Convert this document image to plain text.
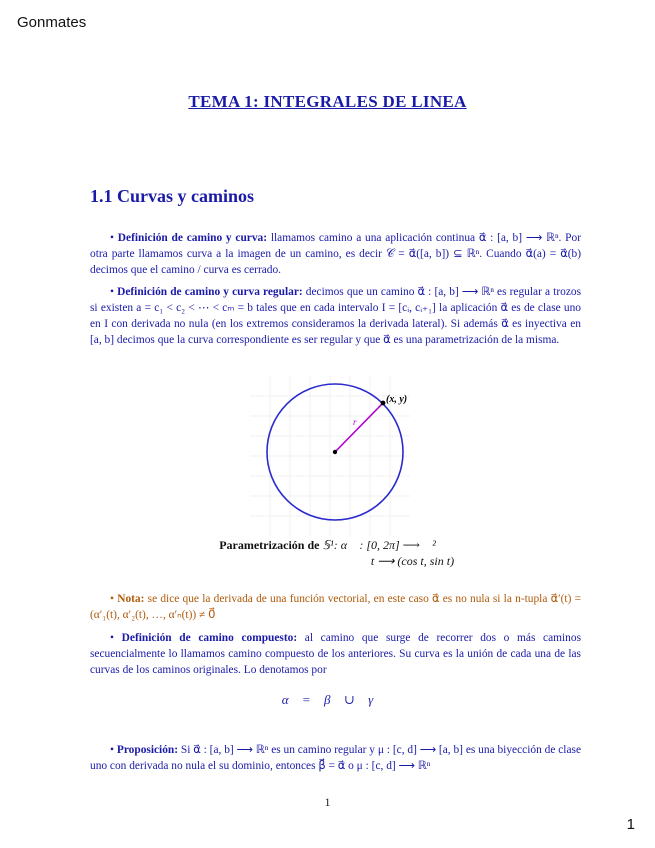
Gonmates
TEMA 1: INTEGRALES DE LINEA
1.1 Curvas y caminos
• Definición de camino y curva: llamamos camino a una aplicación continua α⃗ : [a, b] ⟶ ℝⁿ. Por otra parte llamamos curva a la imagen de un camino, es decir 𝒞 = α⃗([a, b]) ⊆ ℝⁿ. Cuando α⃗(a) = α⃗(b) decimos que el camino / curva es cerrado.
• Definición de camino y curva regular: decimos que un camino α⃗ : [a, b] ⟶ ℝⁿ es regular a trozos si existen a = c₁ < c₂ < ⋯ < cₘ = b tales que en cada intervalo I = [cᵢ, cᵢ₊₁] la aplicación α⃗ es de clase uno en I con derivada no nula (en los extremos consideramos la derivada lateral). Si además α⃗ es inyectiva en [a, b] decimos que la curva correspondiente es ser regular y que α⃗ es una parametrización de la misma.
(x, y)
r
Parametrización de 𝕊¹: α⃗ : [0, 2π] ⟶ ℝ²
t ⟶ (cos t, sin t)
• Nota: se dice que la derivada de una función vectorial, en este caso α⃗ es no nula si la n-tupla α⃗′(t) = (α′₁(t), α′₂(t), …, α′ₙ(t)) ≠ 0⃗
• Definición de camino compuesto: al camino que surge de recorrer dos o más caminos secuencialmente lo llamamos camino compuesto de los anteriores. Su curva es la unión de cada una de las curvas de los caminos originales. Lo denotamos por
𝒞α⃗ = 𝒞β⃗ ∪ 𝒞γ⃗
• Proposición: Si α⃗ : [a, b] ⟶ ℝⁿ es un camino regular y μ : [c, d] ⟶ [a, b] es una biyección de clase uno con derivada no nula el su dominio, entonces β⃗ = α⃗ o μ : [c, d] ⟶ ℝⁿ
1
1
